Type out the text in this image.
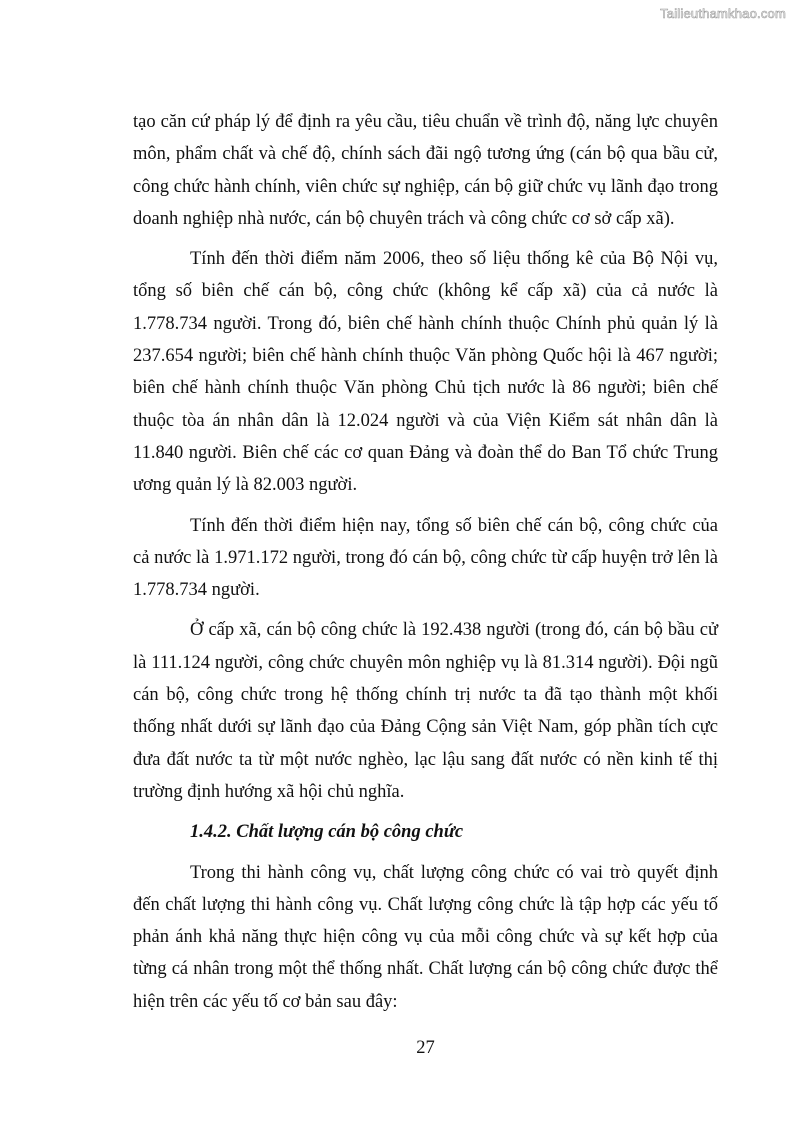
Tailieuthamkhao.com

tạo căn cứ pháp lý để định ra yêu cầu, tiêu chuẩn về trình độ, năng lực chuyên môn, phẩm chất và chế độ, chính sách đãi ngộ tương ứng (cán bộ qua bầu cử, công chức hành chính, viên chức sự nghiệp, cán bộ giữ chức vụ lãnh đạo trong doanh nghiệp nhà nước, cán bộ chuyên trách và công chức cơ sở cấp xã).

Tính đến thời điểm năm 2006, theo số liệu thống kê của Bộ Nội vụ, tổng số biên chế cán bộ, công chức (không kể cấp xã) của cả nước là 1.778.734 người. Trong đó, biên chế hành chính thuộc Chính phủ quản lý là 237.654 người; biên chế hành chính thuộc Văn phòng Quốc hội là 467 người; biên chế hành chính thuộc Văn phòng Chủ tịch nước là 86 người; biên chế thuộc tòa án nhân dân là 12.024 người và của Viện Kiểm sát nhân dân là 11.840 người. Biên chế các cơ quan Đảng và đoàn thể do Ban Tổ chức Trung ương quản lý là 82.003 người.

Tính đến thời điểm hiện nay, tổng số biên chế cán bộ, công chức của cả nước là 1.971.172 người, trong đó cán bộ, công chức từ cấp huyện trở lên là 1.778.734 người.

Ở cấp xã, cán bộ công chức là 192.438 người (trong đó, cán bộ bầu cử là 111.124 người, công chức chuyên môn nghiệp vụ là 81.314 người). Đội ngũ cán bộ, công chức trong hệ thống chính trị nước ta đã tạo thành một khối thống nhất dưới sự lãnh đạo của Đảng Cộng sản Việt Nam, góp phần tích cực đưa đất nước ta từ một nước nghèo, lạc lậu sang đất nước có nền kinh tế thị trường định hướng xã hội chủ nghĩa.

1.4.2. Chất lượng cán bộ công chức

Trong thi hành công vụ, chất lượng công chức có vai trò quyết định đến chất lượng thi hành công vụ. Chất lượng công chức là tập hợp các yếu tố phản ánh khả năng thực hiện công vụ của mỗi công chức và sự kết hợp của từng cá nhân trong một thể thống nhất. Chất lượng cán bộ công chức được thể hiện trên các yếu tố cơ bản sau đây:

27
